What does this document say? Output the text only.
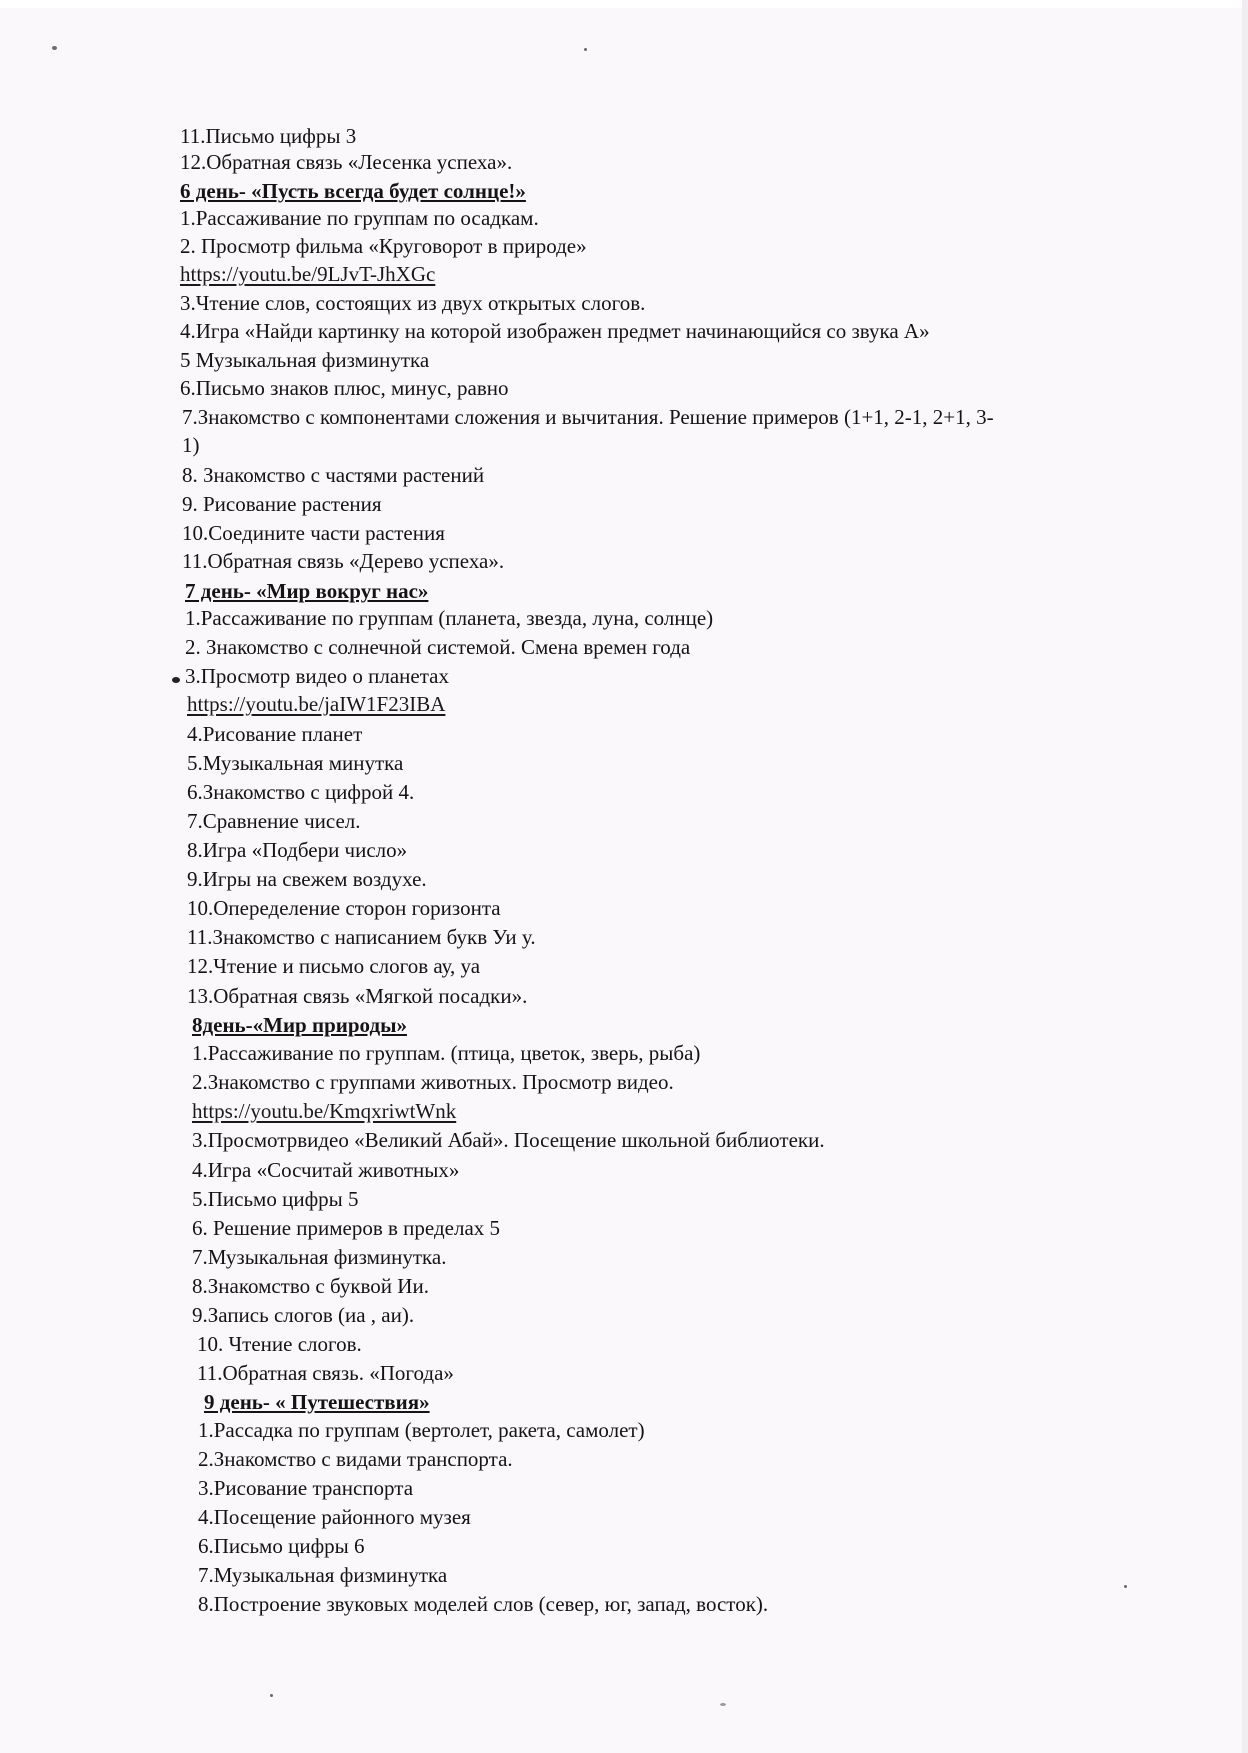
11.Письмо цифры 3
12.Обратная связь «Лесенка успеха».
6 день- «Пусть всегда будет солнце!»
1.Рассаживание по группам по осадкам.
2. Просмотр фильма «Круговорот в природе»
https://youtu.be/9LJvT-JhXGc
3.Чтение слов, состоящих из двух открытых слогов.
4.Игра «Найди картинку на которой изображен предмет начинающийся со звука А»
5 Музыкальная физминутка
6.Письмо знаков плюс, минус, равно
7.Знакомство с компонентами сложения и вычитания. Решение примеров (1+1, 2-1, 2+1, 3-
1)
8. Знакомство с частями растений
9. Рисование растения
10.Соедините части растения
11.Обратная связь «Дерево успеха».
7 день- «Мир вокруг нас»
1.Рассаживание по группам (планета, звезда, луна, солнце)
2. Знакомство с солнечной системой. Смена времен года
3.Просмотр видео о планетах
https://youtu.be/jaIW1F23IBA
4.Рисование планет
5.Музыкальная минутка
6.Знакомство с цифрой 4.
7.Сравнение чисел.
8.Игра «Подбери число»
9.Игры на свежем воздухе.
10.Опеределение сторон горизонта
11.Знакомство с написанием букв Уи у.
12.Чтение и письмо слогов ау, уа
13.Обратная связь «Мягкой посадки».
8день-«Мир природы»
1.Рассаживание по группам. (птица, цветок, зверь, рыба)
2.Знакомство с группами животных. Просмотр видео.
https://youtu.be/KmqxriwtWnk
3.Просмотрвидео «Великий Абай». Посещение школьной библиотеки.
4.Игра «Сосчитай животных»
5.Письмо цифры 5
6. Решение примеров в пределах 5
7.Музыкальная физминутка.
8.Знакомство с буквой Ии.
9.Запись слогов (иа , аи).
10. Чтение слогов.
11.Обратная связь. «Погода»
9 день- « Путешествия»
1.Рассадка по группам (вертолет, ракета, самолет)
2.Знакомство с видами транспорта.
3.Рисование транспорта
4.Посещение районного музея
6.Письмо цифры 6
7.Музыкальная физминутка
8.Построение звуковых моделей слов (север, юг, запад, восток).
